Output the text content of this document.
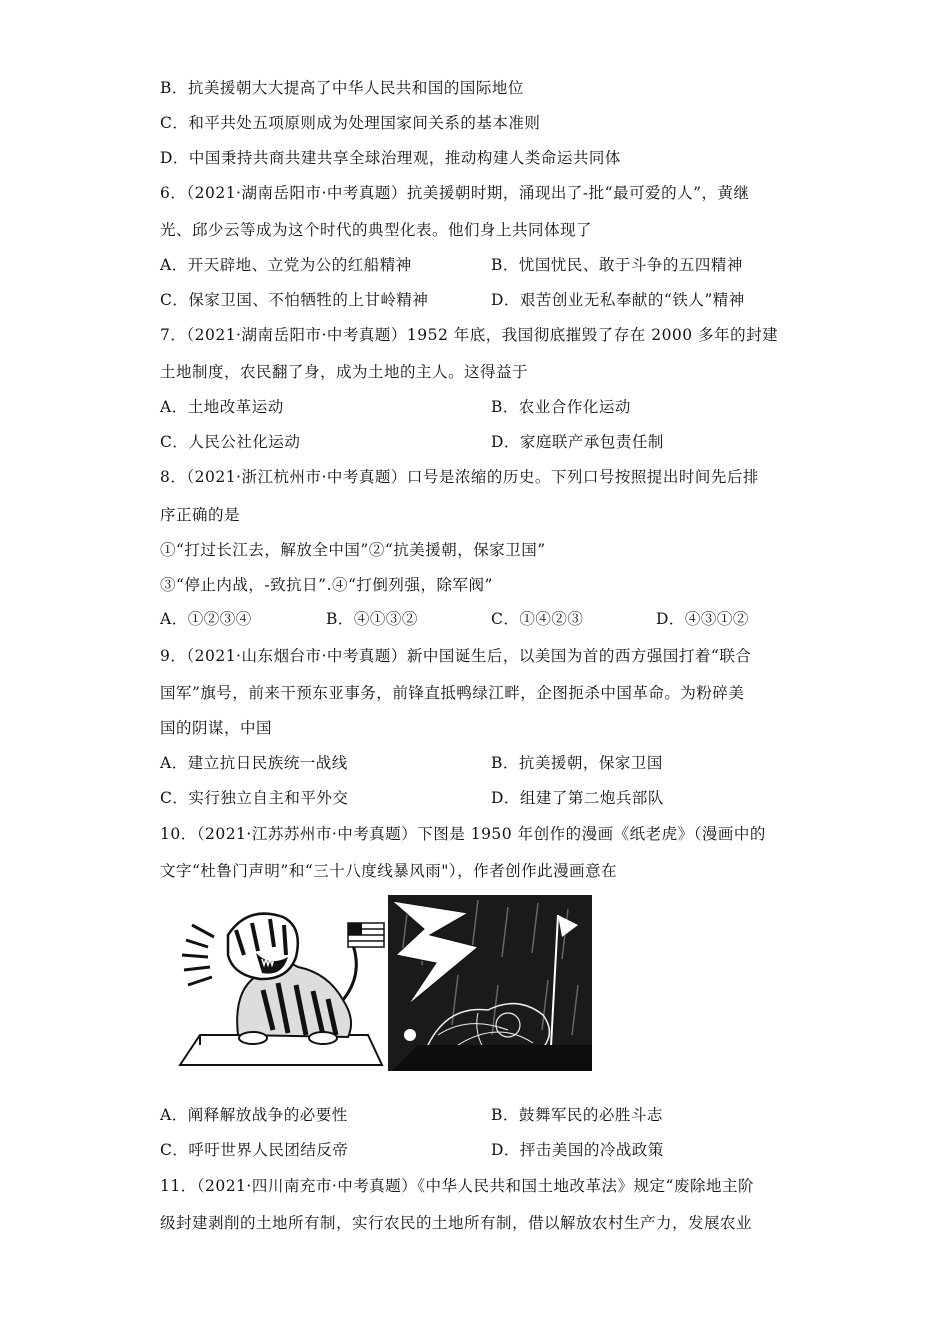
B．抗美援朝大大提高了中华人民共和国的国际地位
C．和平共处五项原则成为处理国家间关系的基本准则
D．中国秉持共商共建共享全球治理观，推动构建人类命运共同体
6．（2021·湖南岳阳市·中考真题）抗美援朝时期，涌现出了-批“最可爱的人”，黄继
光、邱少云等成为这个时代的典型化表。他们身上共同体现了
A．开天辟地、立党为公的红船精神	B．忧国忧民、敢于斗争的五四精神
C．保家卫国、不怕牺牲的上甘岭精神	D．艰苦创业无私奉献的“铁人”精神
7．（2021·湖南岳阳市·中考真题）1952 年底，我国彻底摧毁了存在 2000 多年的封建
土地制度，农民翻了身，成为土地的主人。这得益于
A．土地改革运动	B．农业合作化运动
C．人民公社化运动	D．家庭联产承包责任制
8．（2021·浙江杭州市·中考真题）口号是浓缩的历史。下列口号按照提出时间先后排
序正确的是
①“打过长江去，解放全中国”②“抗美援朝，保家卫国”
③“停止内战，-致抗日”.④“打倒列强，除军阀”
A．①②③④	B．④①③②	C．①④②③	D．④③①②
9．（2021·山东烟台市·中考真题）新中国诞生后，以美国为首的西方强国打着“联合
国军”旗号，前来干预东亚事务，前锋直抵鸭绿江畔，企图扼杀中国革命。为粉碎美
国的阴谋，中国
A．建立抗日民族统一战线	B．抗美援朝，保家卫国
C．实行独立自主和平外交	D．组建了第二炮兵部队
10．（2021·江苏苏州市·中考真题）下图是 1950 年创作的漫画《纸老虎》（漫画中的
文字“杜鲁门声明”和“三十八度线暴风雨"），作者创作此漫画意在
A．阐释解放战争的必要性	B．鼓舞军民的必胜斗志
C．呼吁世界人民团结反帝	D．抨击美国的冷战政策
11．（2021·四川南充市·中考真题）《中华人民共和国土地改革法》规定“废除地主阶
级封建剥削的土地所有制，实行农民的土地所有制，借以解放农村生产力，发展农业
